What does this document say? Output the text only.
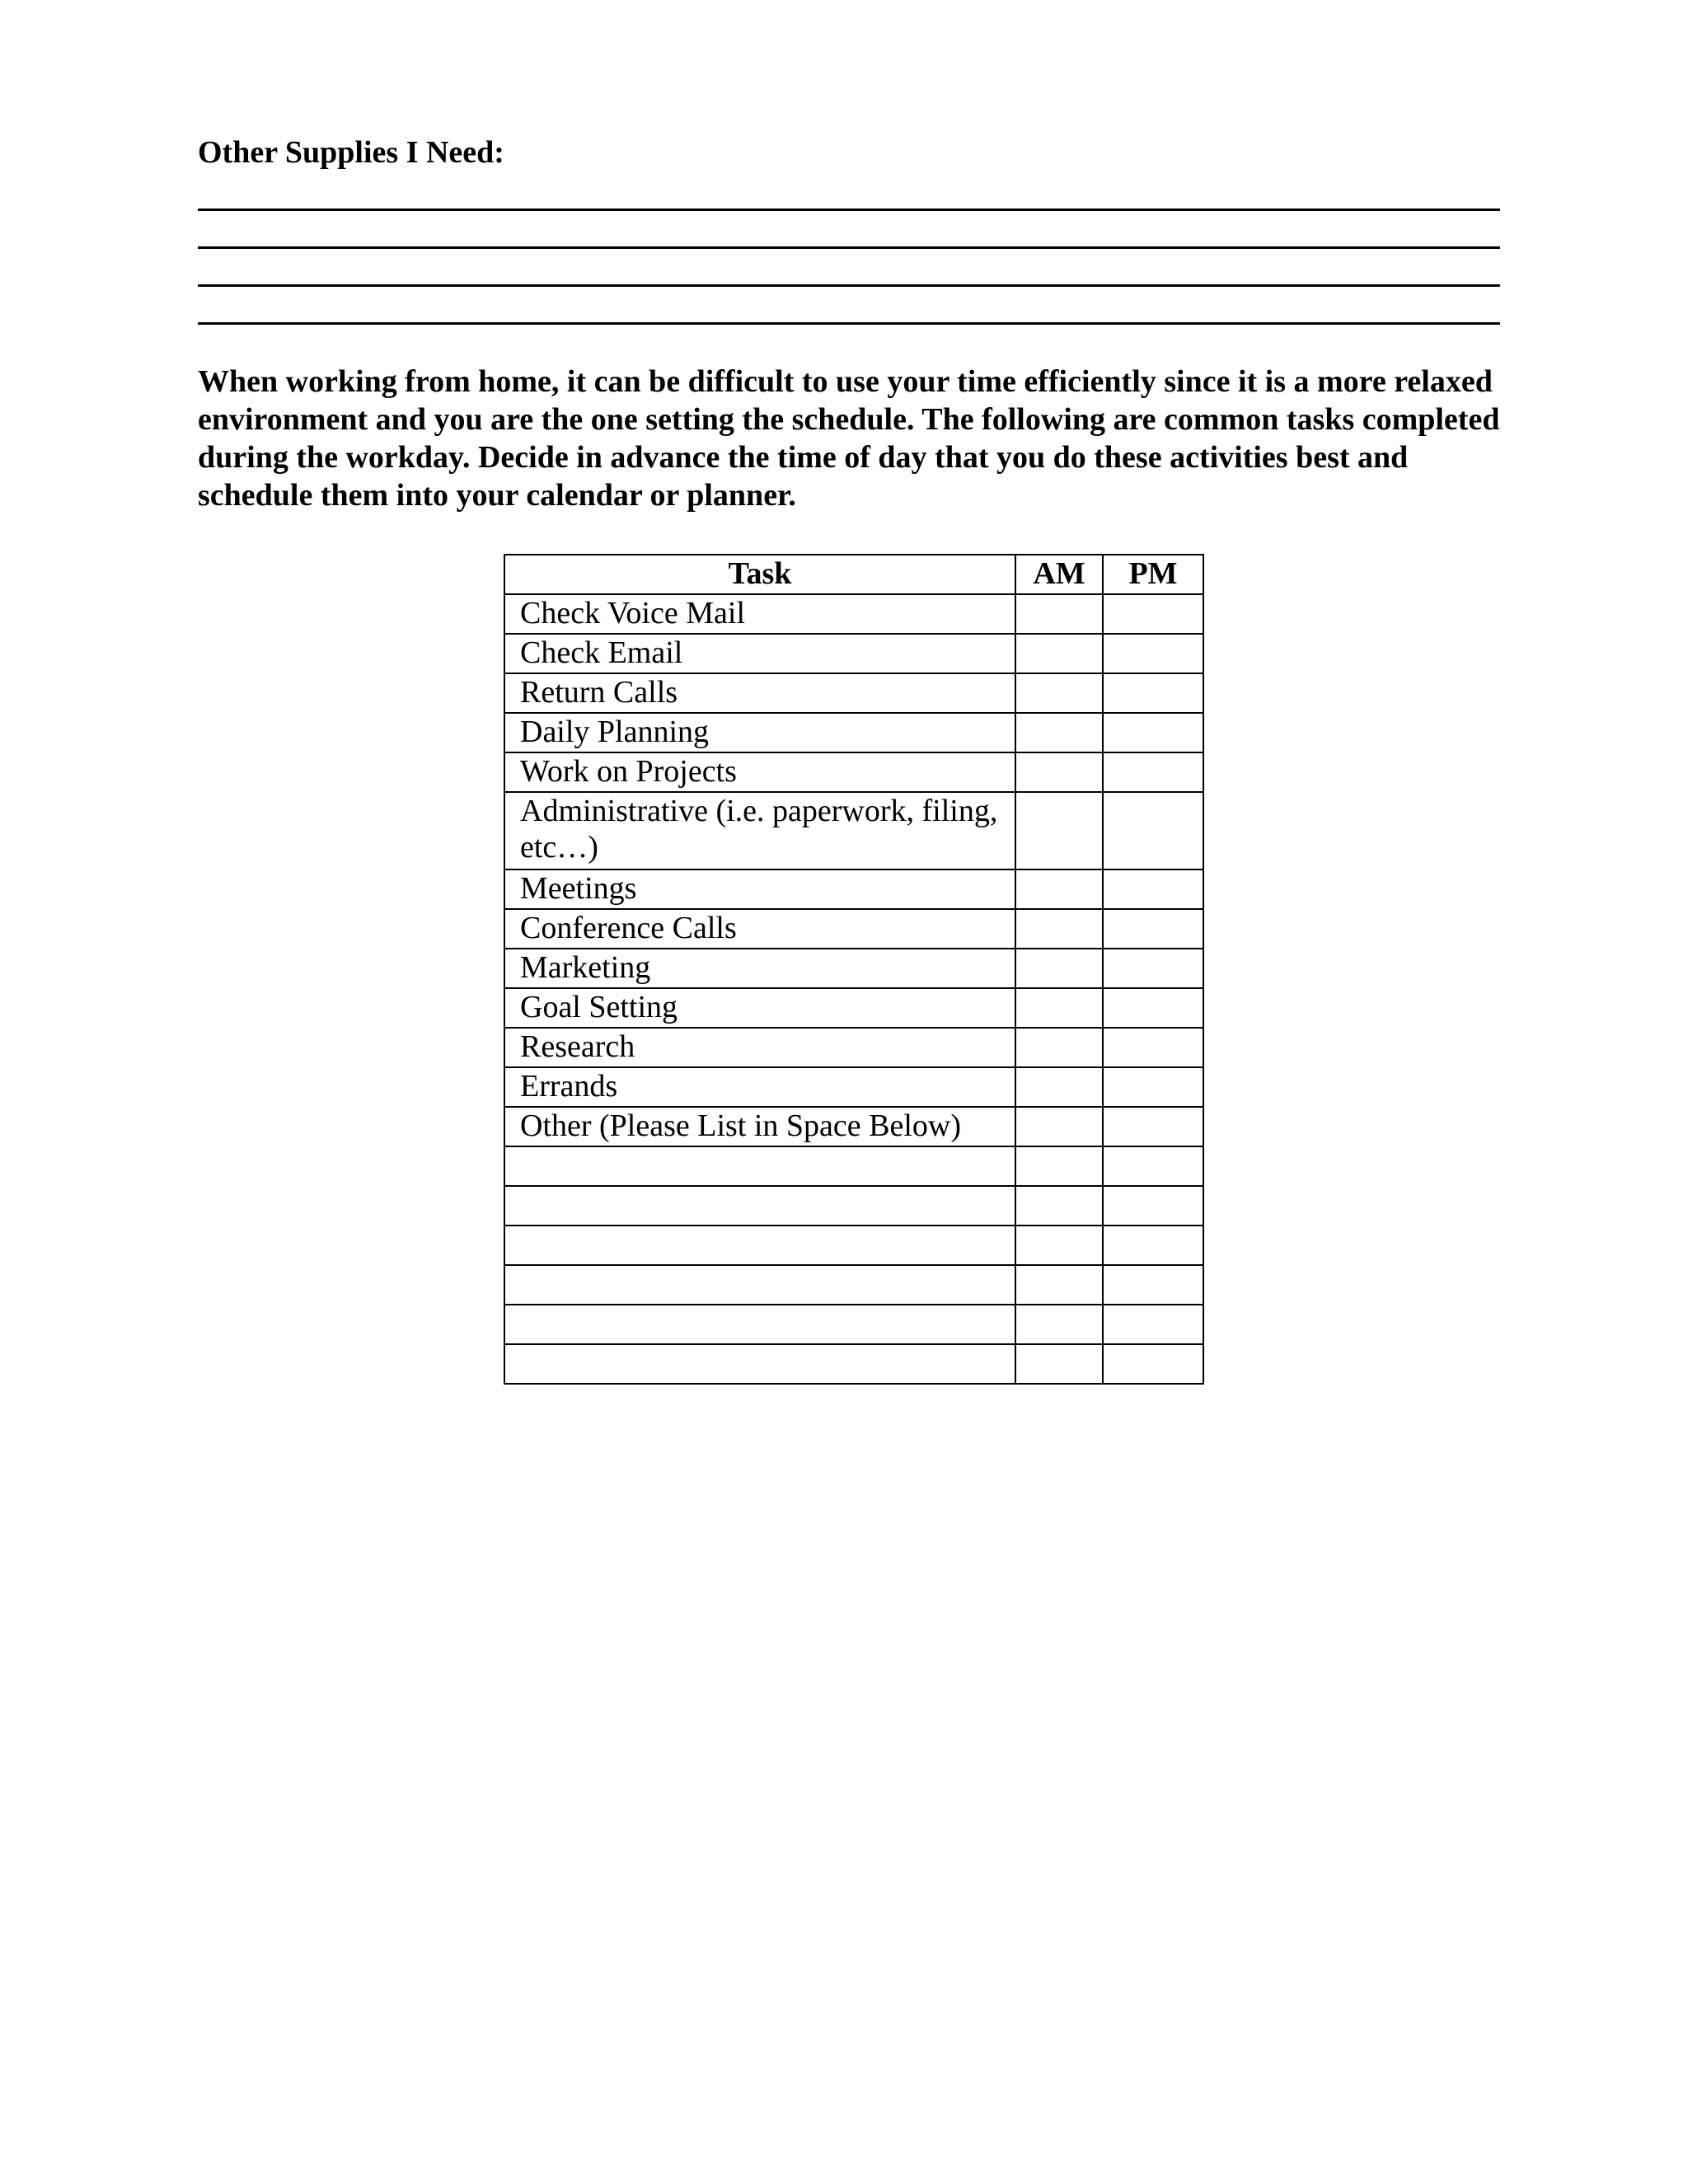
Other Supplies I Need:

When working from home, it can be difficult to use your time efficiently since it is a more relaxed environment and you are the one setting the schedule. The following are common tasks completed during the workday. Decide in advance the time of day that you do these activities best and schedule them into your calendar or planner.

Task	AM	PM
Check Voice Mail		
Check Email		
Return Calls		
Daily Planning		
Work on Projects		
Administrative (i.e. paperwork, filing, etc…)		
Meetings		
Conference Calls		
Marketing		
Goal Setting		
Research		
Errands		
Other (Please List in Space Below)		
